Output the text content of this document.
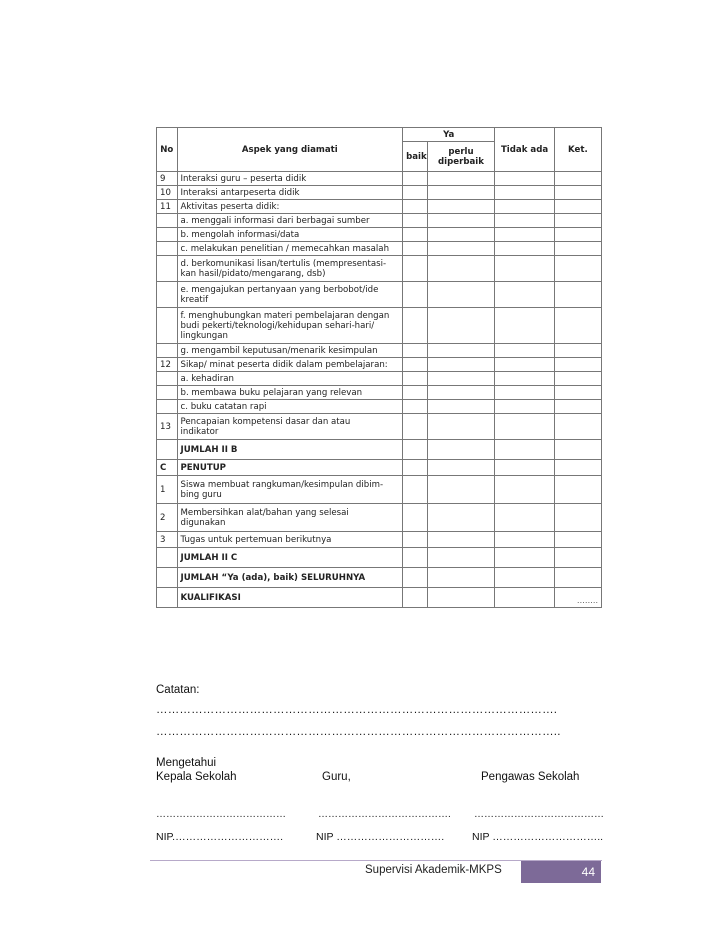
No	Aspek yang diamati	Ya		Tidak ada	Ket.
		baik	perlu
diperbaik		
9	Interaksi guru – peserta didik				
10	Interaksi antarpeserta didik				
11	Aktivitas peserta didik:				
	a. menggali informasi dari berbagai sumber				
	b. mengolah informasi/data				
	c. melakukan penelitian / memecahkan masalah				
	d. berkomunikasi lisan/tertulis (mempresentasi-
kan hasil/pidato/mengarang, dsb)				
	e. mengajukan pertanyaan yang berbobot/ide
kreatif				
	f. menghubungkan materi pembelajaran dengan
budi pekerti/teknologi/kehidupan sehari-hari/
lingkungan				
	g. mengambil keputusan/menarik kesimpulan				
12	Sikap/ minat peserta didik dalam pembelajaran:				
	a. kehadiran				
	b. membawa buku pelajaran yang relevan				
	c. buku catatan rapi				
13	Pencapaian kompetensi dasar dan atau
indikator				
	JUMLAH II B				
C	PENUTUP				
1	Siswa membuat rangkuman/kesimpulan dibim-
bing guru				
2	Membersihkan alat/bahan yang selesai
digunakan				
3	Tugas untuk pertemuan berikutnya				
	JUMLAH II C				
	JUMLAH “Ya (ada), baik) SELURUHNYA				
	KUALIFIKASI				……..
Catatan:
………………………………………………………………………………………….
…………………………………………………………………………………………..
Mengetahui
Kepala Sekolah	Guru,	Pengawas Sekolah
…………………………………	…………………………………. …………………………………
NIP.………………………….	NIP ………………………….	NIP …………………………..
Supervisi Akademik-MKPS	44
